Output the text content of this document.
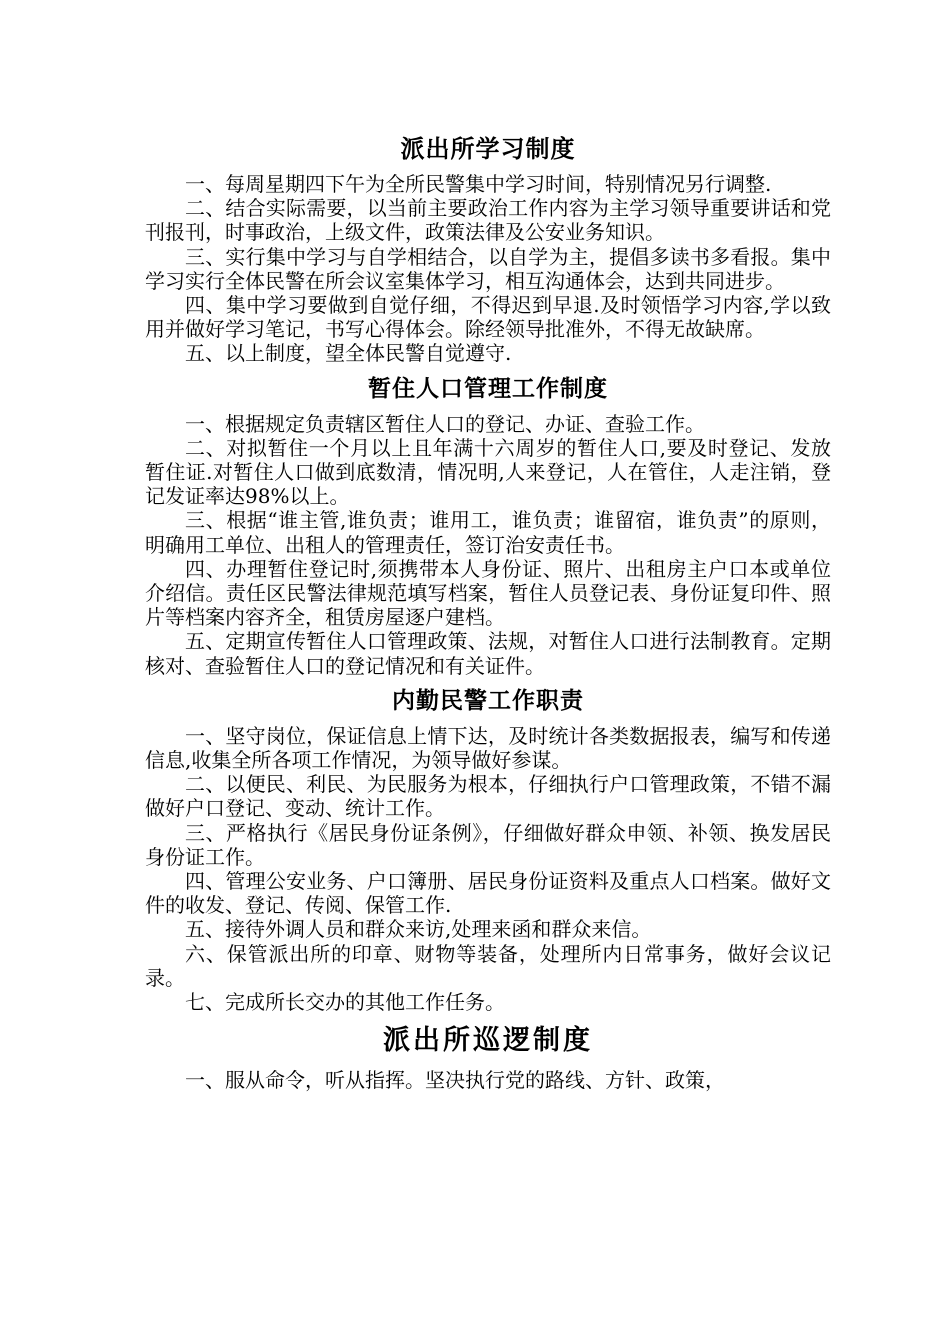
派出所学习制度

一、每周星期四下午为全所民警集中学习时间，特别情况另行调整.

二、结合实际需要，以当前主要政治工作内容为主学习领导重要讲话和党刊报刊，时事政治，上级文件，政策法律及公安业务知识。

三、实行集中学习与自学相结合，以自学为主，提倡多读书多看报。集中学习实行全体民警在所会议室集体学习，相互沟通体会，达到共同进步。

四、集中学习要做到自觉仔细，不得迟到早退.及时领悟学习内容,学以致用并做好学习笔记，书写心得体会。除经领导批准外，不得无故缺席。

五、以上制度，望全体民警自觉遵守.

暂住人口管理工作制度

一、根据规定负责辖区暂住人口的登记、办证、查验工作。

二、对拟暂住一个月以上且年满十六周岁的暂住人口,要及时登记、发放暂住证.对暂住人口做到底数清，情况明,人来登记，人在管住，人走注销，登记发证率达98%以上。

三、根据“谁主管,谁负责；谁用工，谁负责；谁留宿，谁负责”的原则，明确用工单位、出租人的管理责任，签订治安责任书。

四、办理暂住登记时,须携带本人身份证、照片、出租房主户口本或单位介绍信。责任区民警法律规范填写档案，暂住人员登记表、身份证复印件、照片等档案内容齐全，租赁房屋逐户建档。

五、定期宣传暂住人口管理政策、法规，对暂住人口进行法制教育。定期核对、查验暂住人口的登记情况和有关证件。

内勤民警工作职责

一、坚守岗位，保证信息上情下达，及时统计各类数据报表，编写和传递信息,收集全所各项工作情况，为领导做好参谋。

二、以便民、利民、为民服务为根本，仔细执行户口管理政策，不错不漏做好户口登记、变动、统计工作。

三、严格执行《居民身份证条例》，仔细做好群众申领、补领、换发居民身份证工作。

四、管理公安业务、户口簿册、居民身份证资料及重点人口档案。做好文件的收发、登记、传阅、保管工作.

五、接待外调人员和群众来访,处理来函和群众来信。

六、保管派出所的印章、财物等装备，处理所内日常事务，做好会议记录。

七、完成所长交办的其他工作任务。

派出所巡逻制度

一、服从命令，听从指挥。坚决执行党的路线、方针、政策，
